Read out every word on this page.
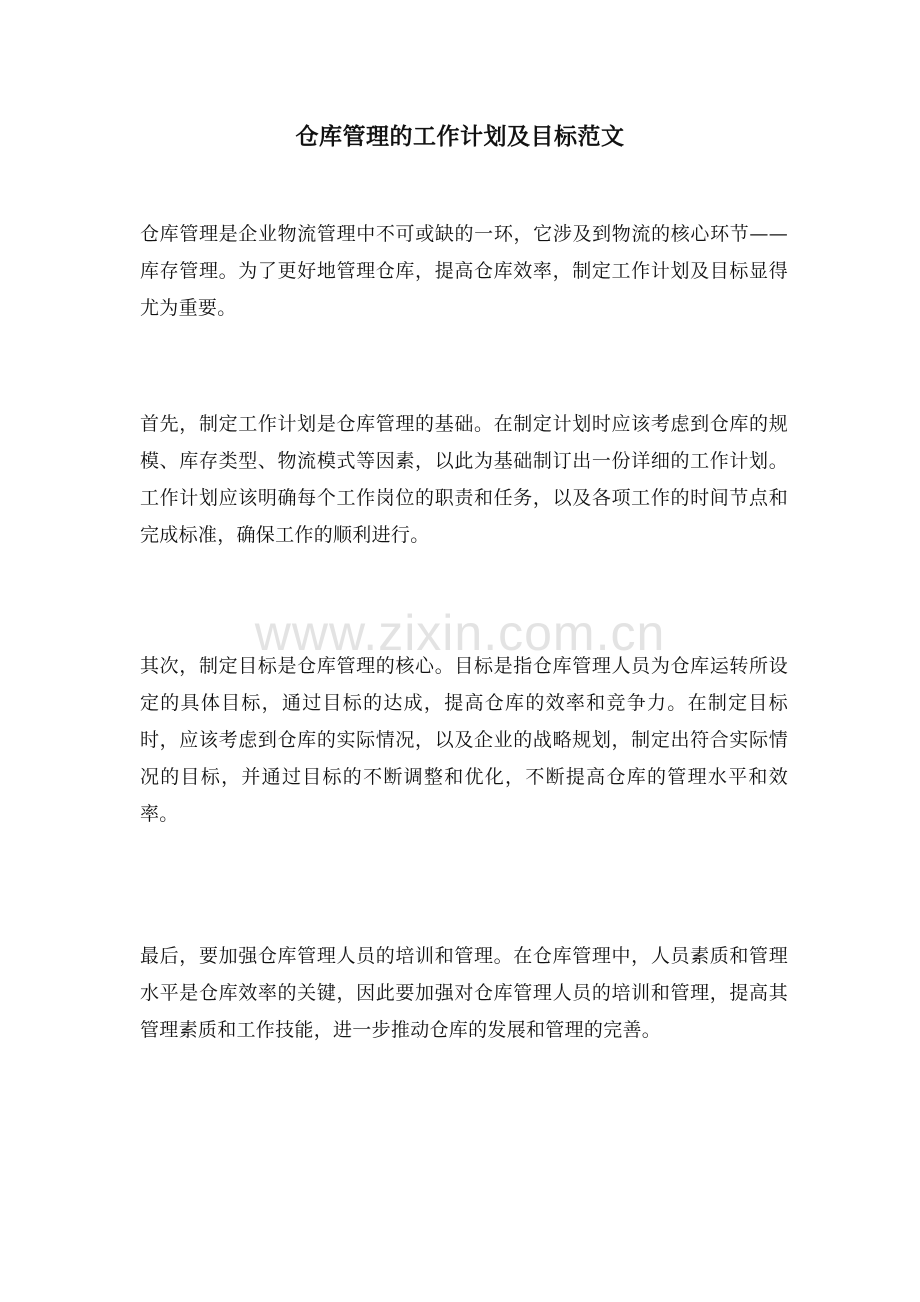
仓库管理的工作计划及目标范文

仓库管理是企业物流管理中不可或缺的一环，它涉及到物流的核心环节——库存管理。为了更好地管理仓库，提高仓库效率，制定工作计划及目标显得尤为重要。

首先，制定工作计划是仓库管理的基础。在制定计划时应该考虑到仓库的规模、库存类型、物流模式等因素，以此为基础制订出一份详细的工作计划。工作计划应该明确每个工作岗位的职责和任务，以及各项工作的时间节点和完成标准，确保工作的顺利进行。

其次，制定目标是仓库管理的核心。目标是指仓库管理人员为仓库运转所设定的具体目标，通过目标的达成，提高仓库的效率和竞争力。在制定目标时，应该考虑到仓库的实际情况，以及企业的战略规划，制定出符合实际情况的目标，并通过目标的不断调整和优化，不断提高仓库的管理水平和效率。

最后，要加强仓库管理人员的培训和管理。在仓库管理中，人员素质和管理水平是仓库效率的关键，因此要加强对仓库管理人员的培训和管理，提高其管理素质和工作技能，进一步推动仓库的发展和管理的完善。

www.zixin.com.cn
